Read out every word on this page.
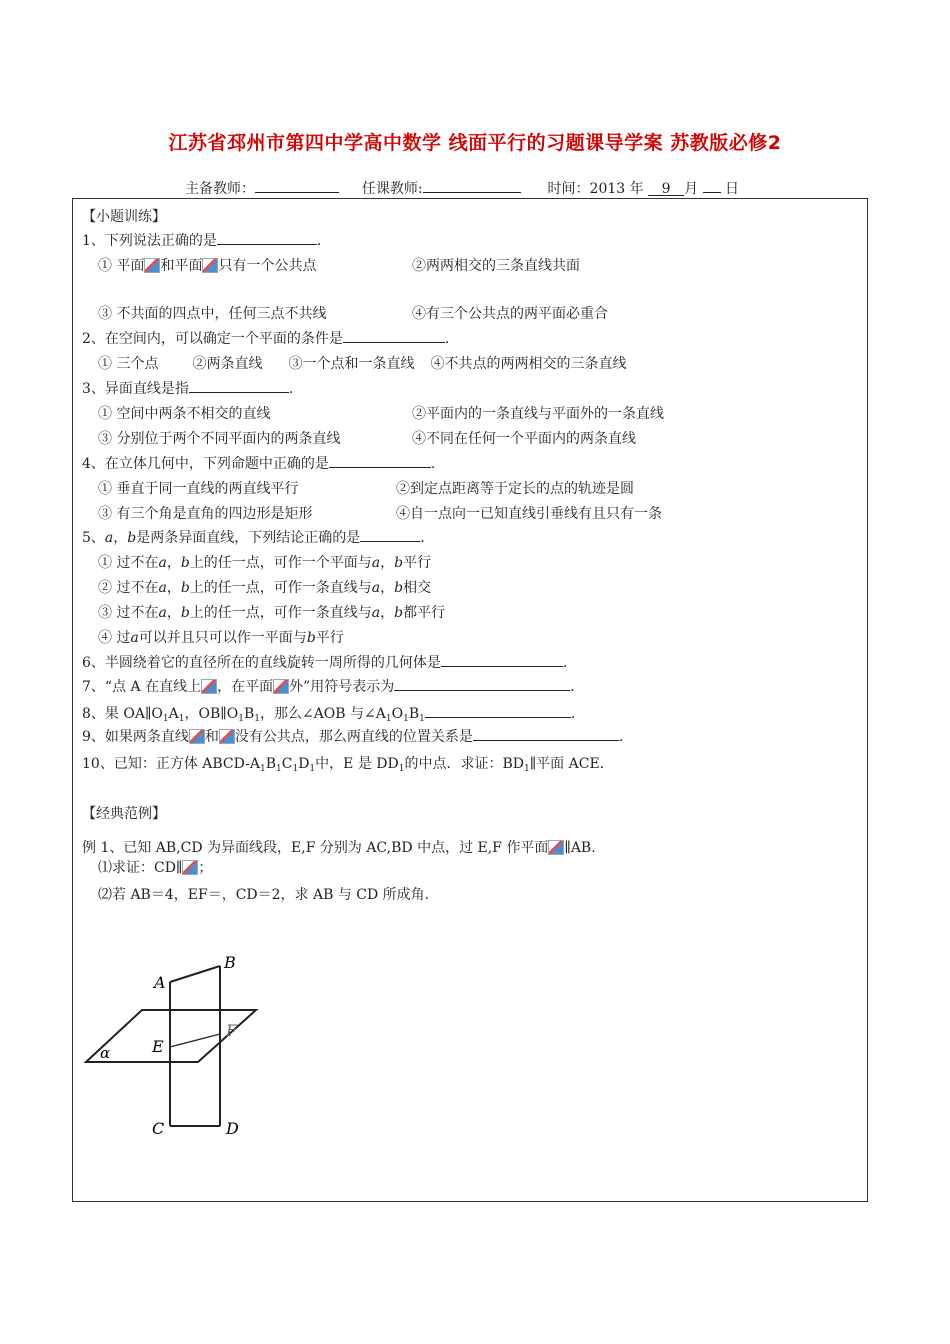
江苏省邳州市第四中学高中数学 线面平行的习题课导学案 苏教版必修2
主备教师：	任课教师:	时间：2013 年 9 月 日
【小题训练】
1、下列说法正确的是	.
① 平面 和平面 只有一个公共点	②两两相交的三条直线共面
③ 不共面的四点中，任何三点不共线	④有三个公共点的两平面必重合
2、在空间内，可以确定一个平面的条件是	.
① 三个点 ②两条直线 ③一个点和一条直线 ④不共点的两两相交的三条直线
3、异面直线是指	.
① 空间中两条不相交的直线	②平面内的一条直线与平面外的一条直线
③ 分别位于两个不同平面内的两条直线	④不同在任何一个平面内的两条直线
4、在立体几何中，下列命题中正确的是	.
① 垂直于同一直线的两直线平行	②到定点距离等于定长的点的轨迹是圆
③ 有三个角是直角的四边形是矩形	④自一点向一已知直线引垂线有且只有一条
5、a，b是两条异面直线，下列结论正确的是	.
① 过不在a，b上的任一点，可作一个平面与a，b平行
② 过不在a，b上的任一点，可作一条直线与a，b相交
③ 过不在a，b上的任一点，可作一条直线与a，b都平行
④ 过a可以并且只可以作一平面与b平行
6、半圆绕着它的直径所在的直线旋转一周所得的几何体是	.
7、“点 A 在直线上 ，在平面 外”用符号表示为	.
8、果 $OA\parallel O_1A_1$，$OB\parallel O_1B_1$，那么∠AOB 与$\angle A_1O_1B_1$	.
9、如果两条直线 和 没有公共点，那么两直线的位置关系是	.
10、已知：正方体 ABCD-$A_1B_1C_1D_1$中，E 是 $DD_1$的中点．求证：$BD_1\parallel$平面 ACE．
【经典范例】
例 1、已知 AB,CD 为异面线段，E,F 分别为 AC,BD 中点，过 E,F 作平面 ∥AB.
⑴求证：CD∥ ；
⑵若 AB＝4，EF＝，CD＝2，求 AB 与 CD 所成角.
A
B
E
F
α
C	D
